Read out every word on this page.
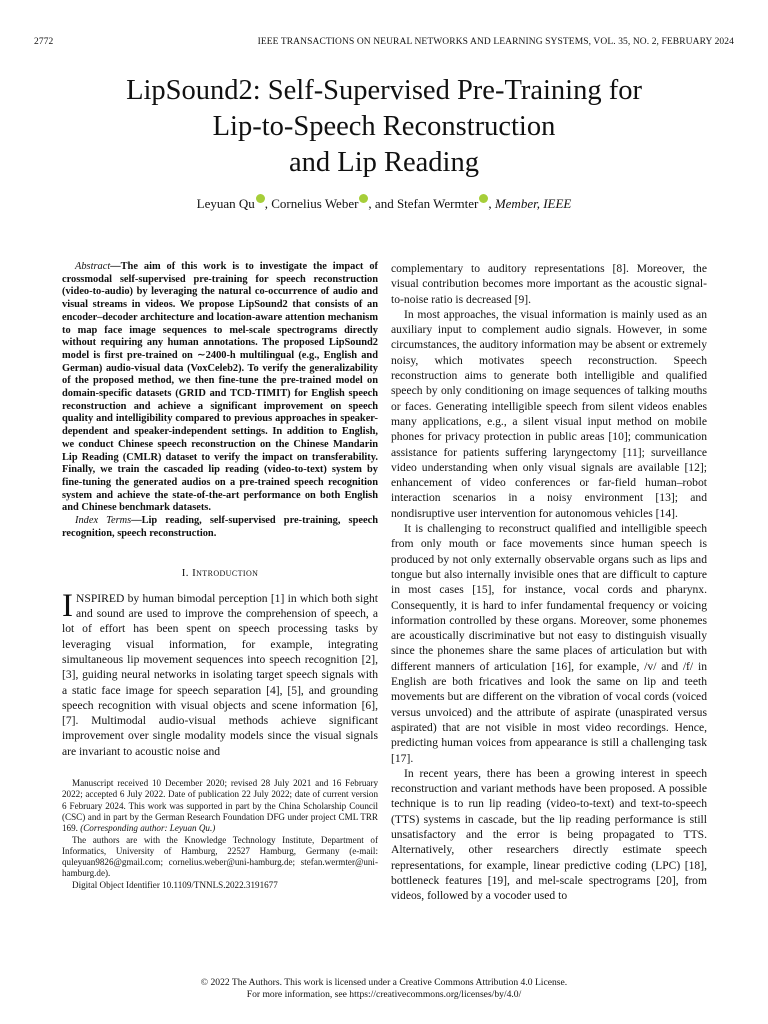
2772	IEEE TRANSACTIONS ON NEURAL NETWORKS AND LEARNING SYSTEMS, VOL. 35, NO. 2, FEBRUARY 2024
LipSound2: Self-Supervised Pre-Training for
Lip-to-Speech Reconstruction
and Lip Reading
Leyuan Qu , Cornelius Weber , and Stefan Wermter , Member, IEEE

Abstract—The aim of this work is to investigate the impact of crossmodal self-supervised pre-training for speech reconstruction (video-to-audio) by leveraging the natural co-occurrence of audio and visual streams in videos. We propose LipSound2 that consists of an encoder–decoder architecture and location-aware attention mechanism to map face image sequences to mel-scale spectrograms directly without requiring any human annotations. The proposed LipSound2 model is first pre-trained on ∼2400-h multilingual (e.g., English and German) audio-visual data (VoxCeleb2). To verify the generalizability of the proposed method, we then fine-tune the pre-trained model on domain-specific datasets (GRID and TCD-TIMIT) for English speech reconstruction and achieve a significant improvement on speech quality and intelligibility compared to previous approaches in speaker-dependent and speaker-independent settings. In addition to English, we conduct Chinese speech reconstruction on the Chinese Mandarin Lip Reading (CMLR) dataset to verify the impact on transferability. Finally, we train the cascaded lip reading (video-to-text) system by fine-tuning the generated audios on a pre-trained speech recognition system and achieve the state-of-the-art performance on both English and Chinese benchmark datasets.

Index Terms—Lip reading, self-supervised pre-training, speech recognition, speech reconstruction.

I. Introduction

INSPIRED by human bimodal perception [1] in which both sight and sound are used to improve the comprehension of speech, a lot of effort has been spent on speech processing tasks by leveraging visual information, for example, integrating simultaneous lip movement sequences into speech recognition [2], [3], guiding neural networks in isolating target speech signals with a static face image for speech separation [4], [5], and grounding speech recognition with visual objects and scene information [6], [7]. Multimodal audio-visual methods achieve significant improvement over single modality models since the visual signals are invariant to acoustic noise and

Manuscript received 10 December 2020; revised 28 July 2021 and 16 February 2022; accepted 6 July 2022. Date of publication 22 July 2022; date of current version 6 February 2024. This work was supported in part by the China Scholarship Council (CSC) and in part by the German Research Foundation DFG under project CML TRR 169. (Corresponding author: Leyuan Qu.)

The authors are with the Knowledge Technology Institute, Department of Informatics, University of Hamburg, 22527 Hamburg, Germany (e-mail: quleyuan9826@gmail.com; cornelius.weber@uni-hamburg.de; stefan.wermter@uni-hamburg.de).

Digital Object Identifier 10.1109/TNNLS.2022.3191677

complementary to auditory representations [8]. Moreover, the visual contribution becomes more important as the acoustic signal-to-noise ratio is decreased [9].

In most approaches, the visual information is mainly used as an auxiliary input to complement audio signals. However, in some circumstances, the auditory information may be absent or extremely noisy, which motivates speech reconstruction. Speech reconstruction aims to generate both intelligible and qualified speech by only conditioning on image sequences of talking mouths or faces. Generating intelligible speech from silent videos enables many applications, e.g., a silent visual input method on mobile phones for privacy protection in public areas [10]; communication assistance for patients suffering laryngectomy [11]; surveillance video understanding when only visual signals are available [12]; enhancement of video conferences or far-field human–robot interaction scenarios in a noisy environment [13]; and nondisruptive user intervention for autonomous vehicles [14].

It is challenging to reconstruct qualified and intelligible speech from only mouth or face movements since human speech is produced by not only externally observable organs such as lips and tongue but also internally invisible ones that are difficult to capture in most cases [15], for instance, vocal cords and pharynx. Consequently, it is hard to infer fundamental frequency or voicing information controlled by these organs. Moreover, some phonemes are acoustically discriminative but not easy to distinguish visually since the phonemes share the same places of articulation but with different manners of articulation [16], for example, /v/ and /f/ in English are both fricatives and look the same on lip and teeth movements but are different on the vibration of vocal cords (voiced versus unvoiced) and the attribute of aspirate (unaspirated versus aspirated) that are not visible in most video recordings. Hence, predicting human voices from appearance is still a challenging task [17].

In recent years, there has been a growing interest in speech reconstruction and variant methods have been proposed. A possible technique is to run lip reading (video-to-text) and text-to-speech (TTS) systems in cascade, but the lip reading performance is still unsatisfactory and the error is being propagated to TTS. Alternatively, other researchers directly estimate speech representations, for example, linear predictive coding (LPC) [18], bottleneck features [19], and mel-scale spectrograms [20], from videos, followed by a vocoder used to

© 2022 The Authors. This work is licensed under a Creative Commons Attribution 4.0 License.
For more information, see https://creativecommons.org/licenses/by/4.0/
